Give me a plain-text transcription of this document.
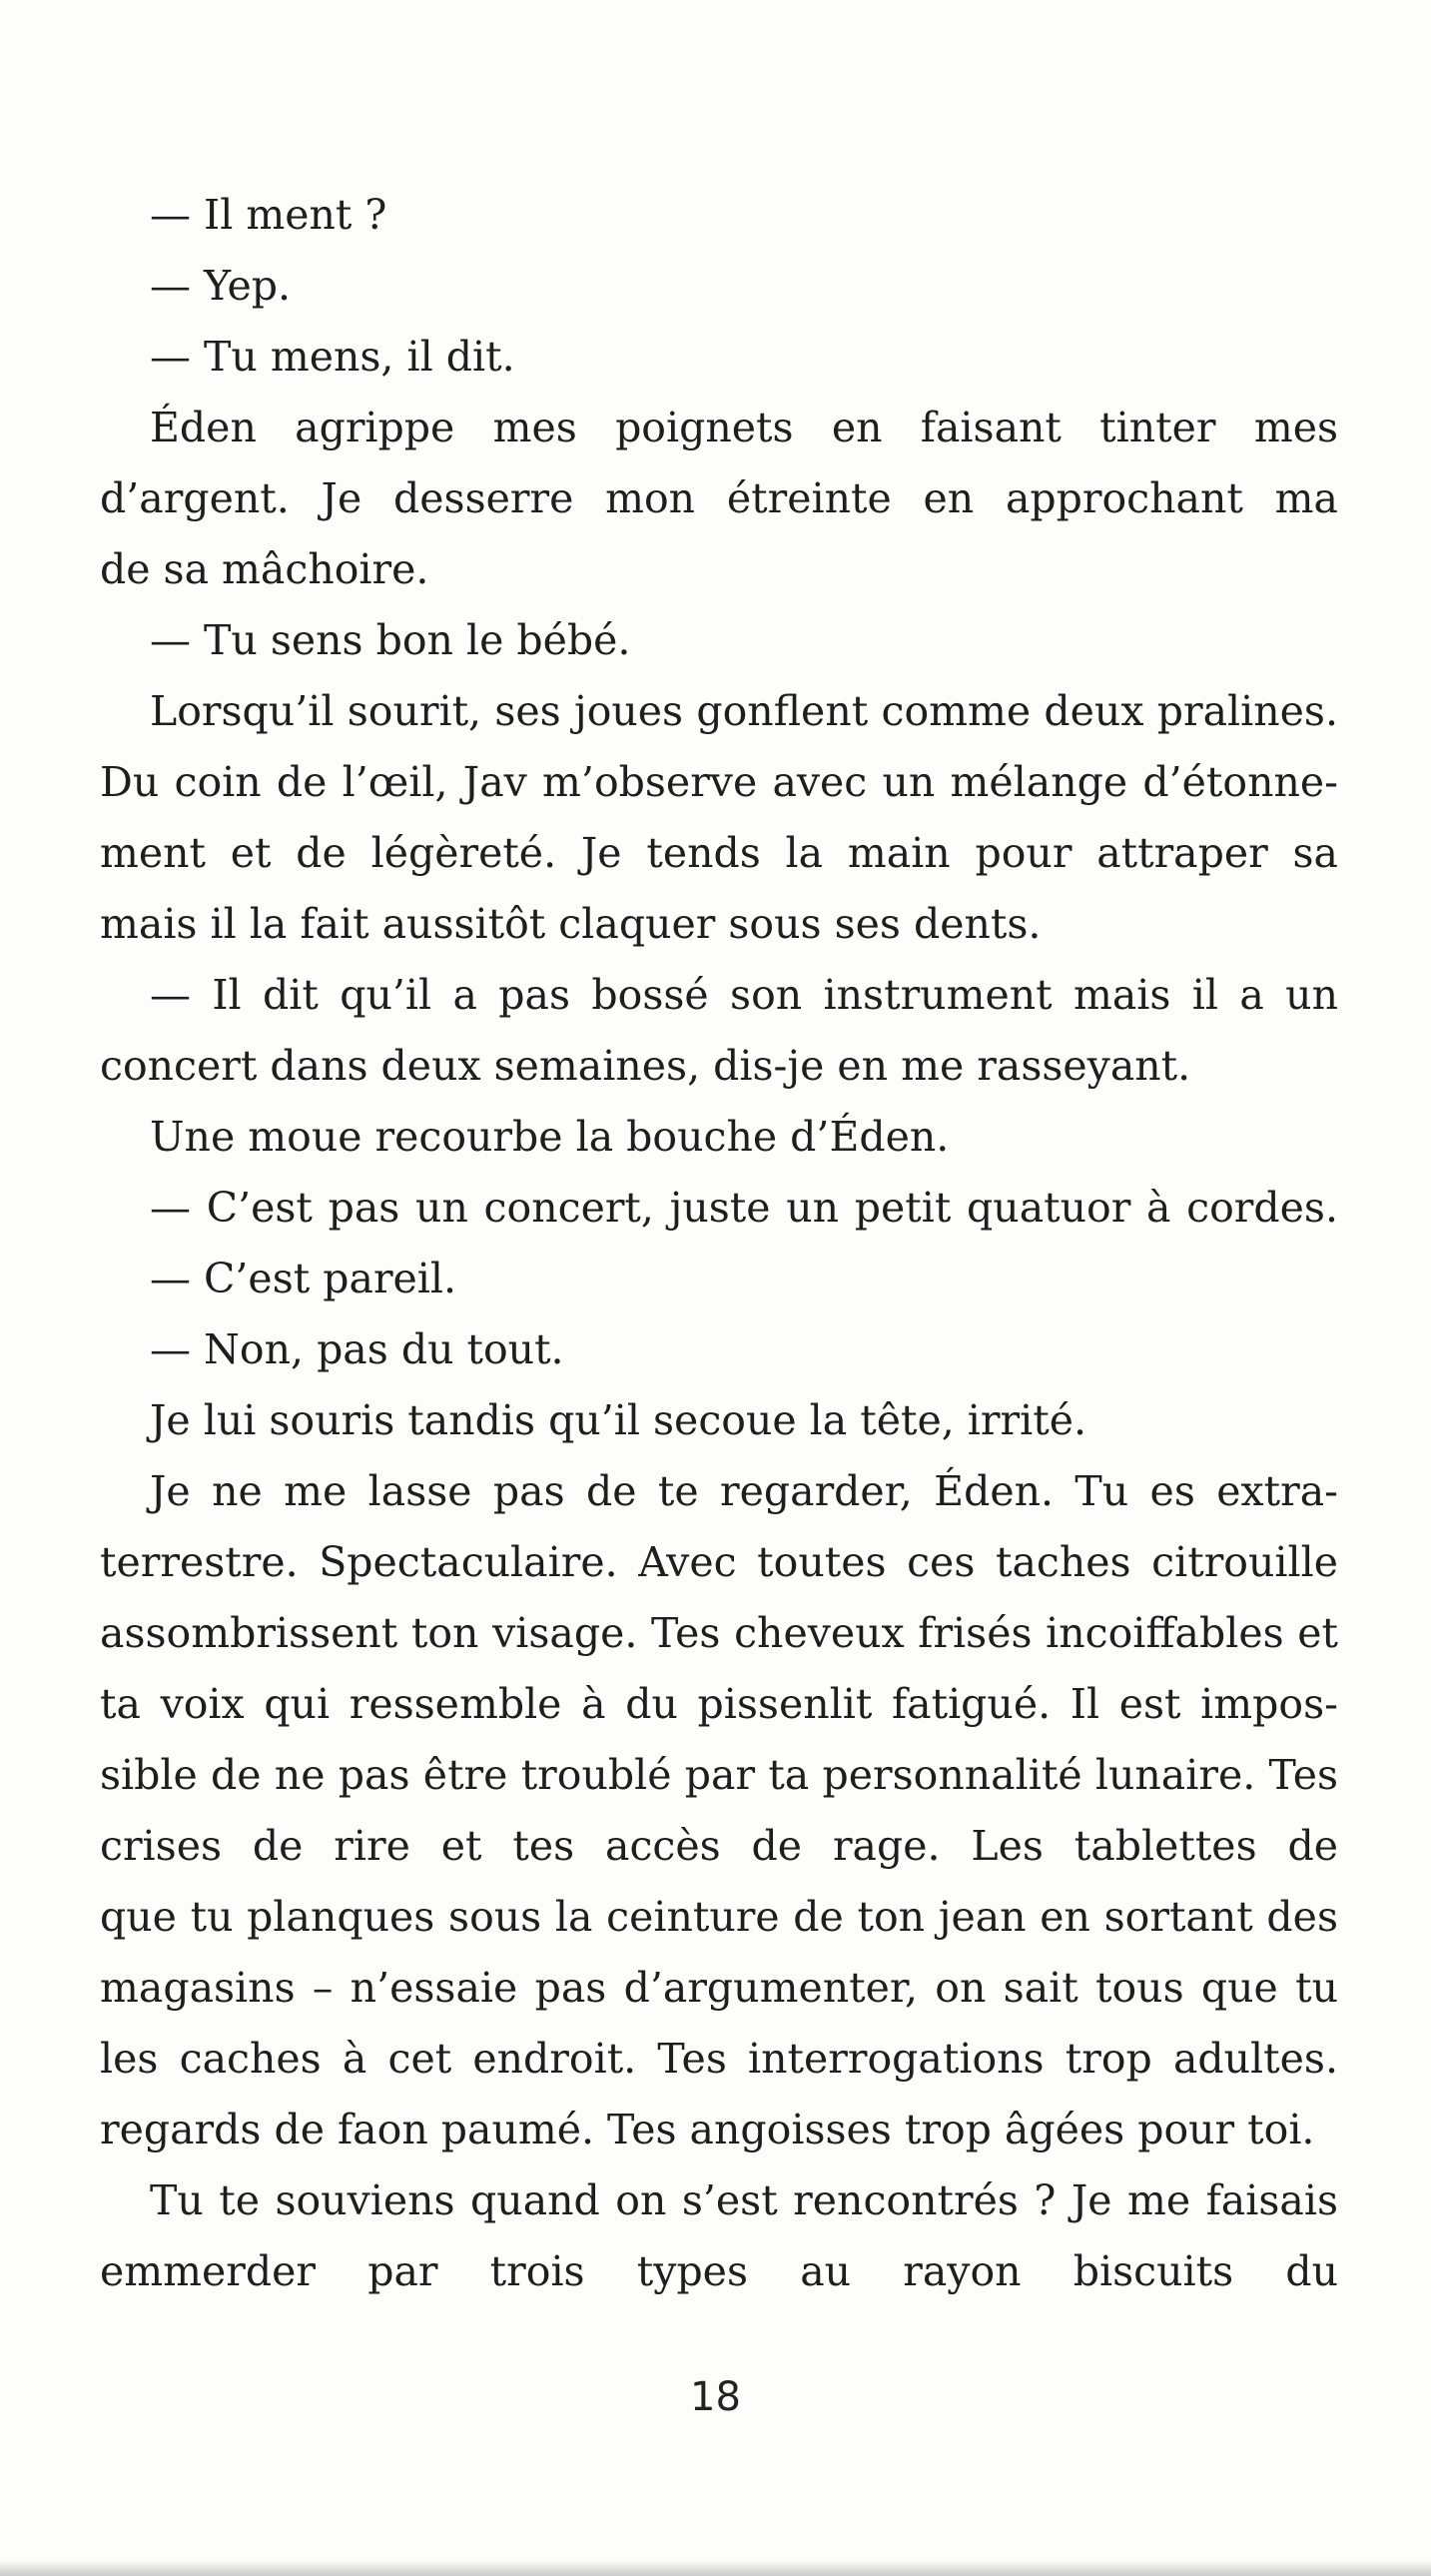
— Il ment ?
— Yep.
— Tu mens, il dit.
Éden agrippe mes poignets en faisant tinter mes
d’argent. Je desserre mon étreinte en approchant ma
de sa mâchoire.
— Tu sens bon le bébé.
Lorsqu’il sourit, ses joues gonflent comme deux pralines.
Du coin de l’œil, Jav m’observe avec un mélange d’étonne-
ment et de légèreté. Je tends la main pour attraper sa
mais il la fait aussitôt claquer sous ses dents.
— Il dit qu’il a pas bossé son instrument mais il a un
concert dans deux semaines, dis-je en me rasseyant.
Une moue recourbe la bouche d’Éden.
— C’est pas un concert, juste un petit quatuor à cordes.
— C’est pareil.
— Non, pas du tout.
Je lui souris tandis qu’il secoue la tête, irrité.
Je ne me lasse pas de te regarder, Éden. Tu es extra-
terrestre. Spectaculaire. Avec toutes ces taches citrouille
assombrissent ton visage. Tes cheveux frisés incoiffables et
ta voix qui ressemble à du pissenlit fatigué. Il est impos-
sible de ne pas être troublé par ta personnalité lunaire. Tes
crises de rire et tes accès de rage. Les tablettes de
que tu planques sous la ceinture de ton jean en sortant des
magasins – n’essaie pas d’argumenter, on sait tous que tu
les caches à cet endroit. Tes interrogations trop adultes.
regards de faon paumé. Tes angoisses trop âgées pour toi.
Tu te souviens quand on s’est rencontrés ? Je me faisais
emmerder par trois types au rayon biscuits du
18
